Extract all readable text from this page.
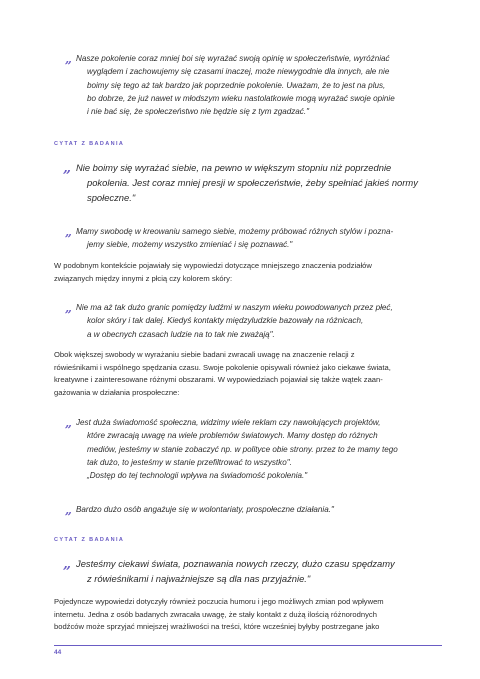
„ Nasze pokolenie coraz mniej boi się wyrażać swoją opinię w społeczeństwie, wyróżniać
wyglądem i zachowujemy się czasami inaczej, może niewygodnie dla innych, ale nie
boimy się tego aż tak bardzo jak poprzednie pokolenie. Uważam, że to jest na plus,
bo dobrze, że już nawet w młodszym wieku nastolatkowie mogą wyrażać swoje opinie
i nie bać się, że społeczeństwo nie będzie się z tym zgadzać."
CYTAT Z BADANIA
„ Nie boimy się wyrażać siebie, na pewno w większym stopniu niż poprzednie
pokolenia. Jest coraz mniej presji w społeczeństwie, żeby spełniać jakieś normy
społeczne."
„ Mamy swobodę w kreowaniu samego siebie, możemy próbować różnych stylów i pozna-
jemy siebie, możemy wszystko zmieniać i się poznawać."
W podobnym kontekście pojawiały się wypowiedzi dotyczące mniejszego znaczenia podziałów
związanych między innymi z płcią czy kolorem skóry:
„ Nie ma aż tak dużo granic pomiędzy ludźmi w naszym wieku powodowanych przez płeć,
kolor skóry i tak dalej. Kiedyś kontakty międzyludzkie bazowały na różnicach,
a w obecnych czasach ludzie na to tak nie zważają".
Obok większej swobody w wyrażaniu siebie badani zwracali uwagę na znaczenie relacji z
rówieśnikami i wspólnego spędzania czasu. Swoje pokolenie opisywali również jako ciekawe świata,
kreatywne i zainteresowane różnymi obszarami. W wypowiedziach pojawiał się także wątek zaan-
gażowania w działania prospołeczne:
„ Jest duża świadomość społeczna, widzimy wiele reklam czy nawołujących projektów,
które zwracają uwagę na wiele problemów światowych. Mamy dostęp do różnych
mediów, jesteśmy w stanie zobaczyć np. w polityce obie strony. przez to że mamy tego
tak dużo, to jesteśmy w stanie przefiltrować to wszystko".
„Dostęp do tej technologii wpływa na świadomość pokolenia."
„ Bardzo dużo osób angażuje się w wolontariaty, prospołeczne działania."
CYTAT Z BADANIA
„ Jesteśmy ciekawi świata, poznawania nowych rzeczy, dużo czasu spędzamy
z rówieśnikami i najważniejsze są dla nas przyjaźnie."
Pojedyncze wypowiedzi dotyczyły również poczucia humoru i jego możliwych zmian pod wpływem
internetu. Jedna z osób badanych zwracała uwagę, że stały kontakt z dużą ilością różnorodnych
bodźców może sprzyjać mniejszej wrażliwości na treści, które wcześniej byłyby postrzegane jako
44
